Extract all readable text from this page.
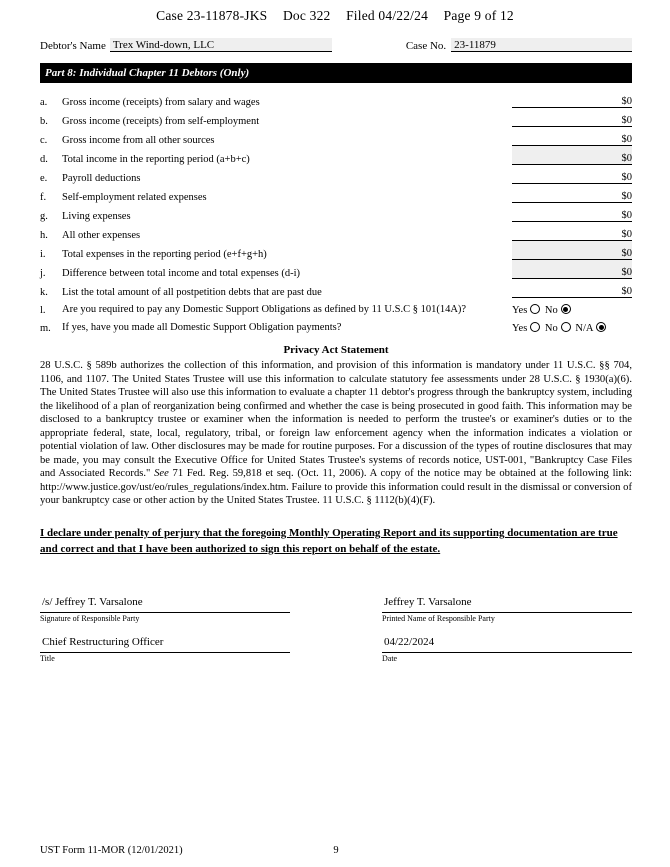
Case 23-11878-JKS Doc 322 Filed 04/22/24 Page 9 of 12
Debtor's Name Trex Wind-down, LLC	Case No. 23-11879
Part 8: Individual Chapter 11 Debtors (Only)
a.	Gross income (receipts) from salary and wages	$0
b.	Gross income (receipts) from self-employment	$0
c.	Gross income from all other sources	$0
d.	Total income in the reporting period (a+b+c)	$0
e.	Payroll deductions	$0
f.	Self-employment related expenses	$0
g.	Living expenses	$0
h.	All other expenses	$0
i.	Total expenses in the reporting period (e+f+g+h)	$0
j.	Difference between total income and total expenses (d-i)	$0
k.	List the total amount of all postpetition debts that are past due	$0
l.	Are you required to pay any Domestic Support Obligations as defined by 11 U.S.C § 101(14A)?	Yes No
m.	If yes, have you made all Domestic Support Obligation payments?	Yes No N/A
Privacy Act Statement
28 U.S.C. § 589b authorizes the collection of this information, and provision of this information is mandatory under 11 U.S.C. §§ 704, 1106, and 1107. The United States Trustee will use this information to calculate statutory fee assessments under 28 U.S.C. § 1930(a)(6). The United States Trustee will also use this information to evaluate a chapter 11 debtor's progress through the bankruptcy system, including the likelihood of a plan of reorganization being confirmed and whether the case is being prosecuted in good faith. This information may be disclosed to a bankruptcy trustee or examiner when the information is needed to perform the trustee's or examiner's duties or to the appropriate federal, state, local, regulatory, tribal, or foreign law enforcement agency when the information indicates a violation or potential violation of law. Other disclosures may be made for routine purposes. For a discussion of the types of routine disclosures that may be made, you may consult the Executive Office for United States Trustee's systems of records notice, UST-001, "Bankruptcy Case Files and Associated Records." See 71 Fed. Reg. 59,818 et seq. (Oct. 11, 2006). A copy of the notice may be obtained at the following link: http://www.justice.gov/ust/eo/rules_regulations/index.htm. Failure to provide this information could result in the dismissal or conversion of your bankruptcy case or other action by the United States Trustee. 11 U.S.C. § 1112(b)(4)(F).
I declare under penalty of perjury that the foregoing Monthly Operating Report and its supporting documentation are true and correct and that I have been authorized to sign this report on behalf of the estate.
/s/ Jeffrey T. Varsalone
Signature of Responsible Party
Chief Restructuring Officer
Title
Jeffrey T. Varsalone
Printed Name of Responsible Party
04/22/2024
Date
UST Form 11-MOR (12/01/2021)	9
